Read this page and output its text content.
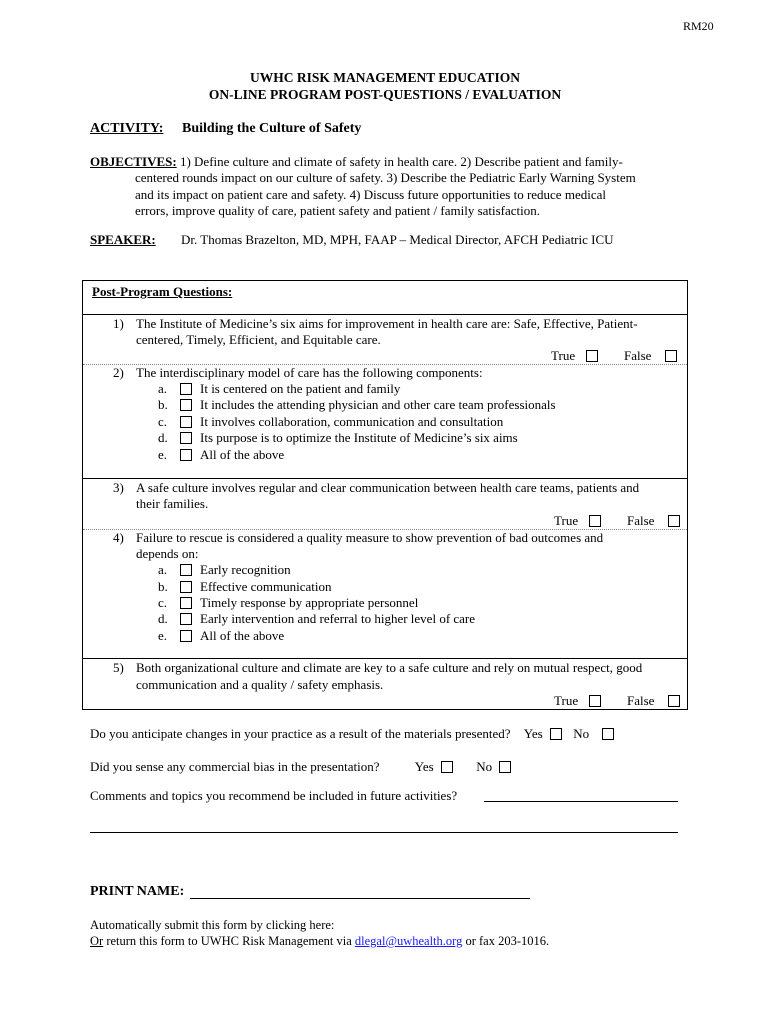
RM20
UWHC RISK MANAGEMENT EDUCATION
ON-LINE PROGRAM POST-QUESTIONS / EVALUATION
ACTIVITY: Building the Culture of Safety
OBJECTIVES: 1) Define culture and climate of safety in health care. 2) Describe patient and family-
centered rounds impact on our culture of safety. 3) Describe the Pediatric Early Warning System
and its impact on patient care and safety. 4) Discuss future opportunities to reduce medical
errors, improve quality of care, patient safety and patient / family satisfaction.
SPEAKER: Dr. Thomas Brazelton, MD, MPH, FAAP – Medical Director, AFCH Pediatric ICU
Post-Program Questions:
1) The Institute of Medicine’s six aims for improvement in health care are: Safe, Effective, Patient-
centered, Timely, Efficient, and Equitable care.
True	False
2) The interdisciplinary model of care has the following components:
a.	It is centered on the patient and family
b. It includes the attending physician and other care team professionals
c.	It involves collaboration, communication and consultation
d. Its purpose is to optimize the Institute of Medicine’s six aims
e.	All of the above
3) A safe culture involves regular and clear communication between health care teams, patients and
their families.
True	False
4) Failure to rescue is considered a quality measure to show prevention of bad outcomes and
depends on:
a.	Early recognition
b. Effective communication
c.	Timely response by appropriate personnel
d. Early intervention and referral to higher level of care
e.	All of the above
5) Both organizational culture and climate are key to a safe culture and rely on mutual respect, good
communication and a quality / safety emphasis.
True	False
Do you anticipate changes in your practice as a result of the materials presented? Yes No
Did you sense any commercial bias in the presentation?	Yes	No
Comments and topics you recommend be included in future activities?
PRINT NAME:
Automatically submit this form by clicking here:
Or return this form to UWHC Risk Management via dlegal@uwhealth.org or fax 203-1016.
